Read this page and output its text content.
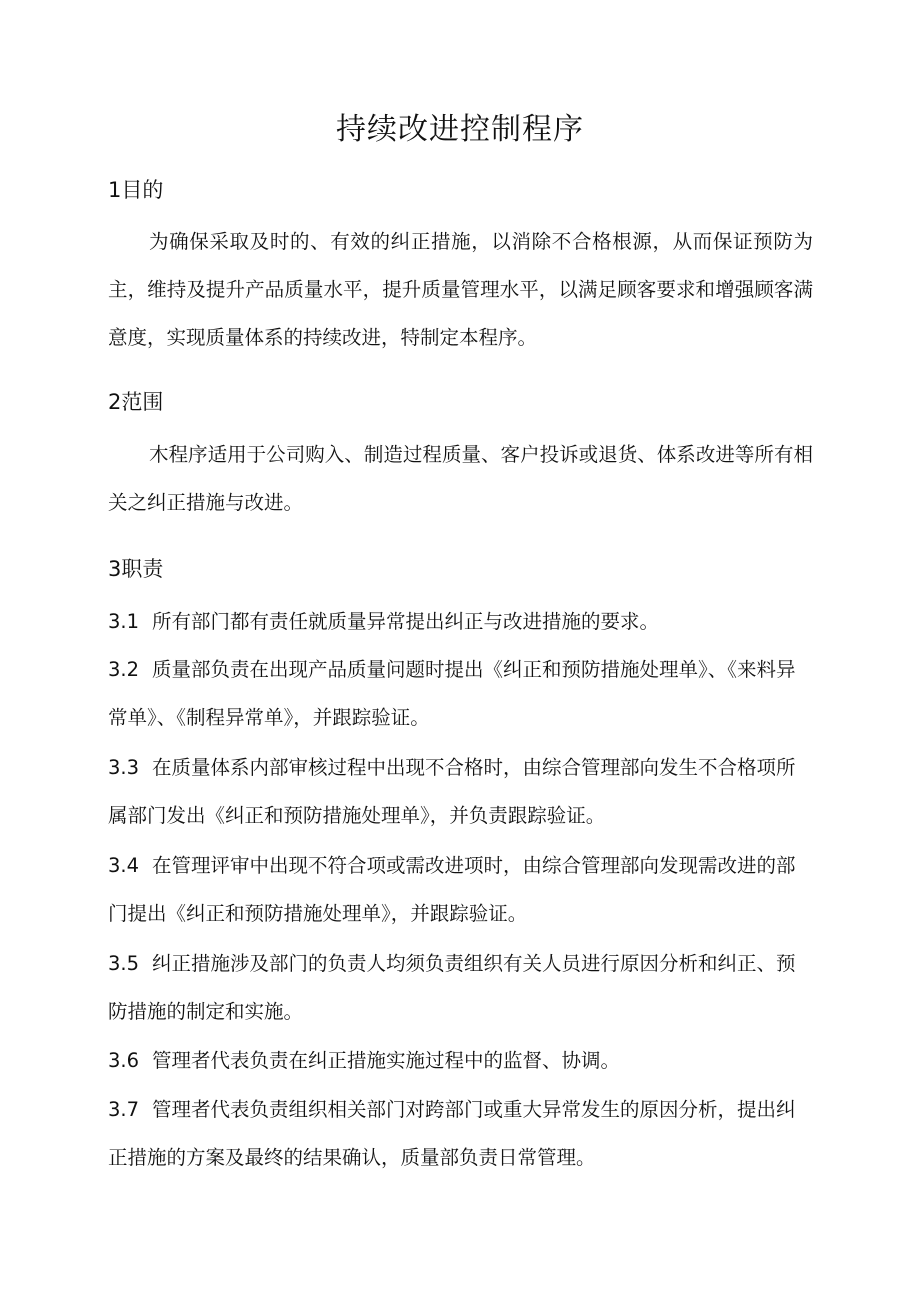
持续改进控制程序
1目的

为确保采取及时的、有效的纠正措施，以消除不合格根源，从而保证预防为主，维持及提升产品质量水平，提升质量管理水平，以满足顾客要求和增强顾客满意度，实现质量体系的持续改进，特制定本程序。

2范围

木程序适用于公司购入、制造过程质量、客户投诉或退货、体系改进等所有相关之纠正措施与改进。

3职责

3.1 所有部门都有责任就质量异常提出纠正与改进措施的要求。

3.2 质量部负责在出现产品质量问题时提出《纠正和预防措施处理单》、《来料异常单》、《制程异常单》，并跟踪验证。

3.3 在质量体系内部审核过程中出现不合格时，由综合管理部向发生不合格项所属部门发出《纠正和预防措施处理单》，并负责跟踪验证。

3.4 在管理评审中出现不符合项或需改进项时，由综合管理部向发现需改进的部门提出《纠正和预防措施处理单》，并跟踪验证。

3.5 纠正措施涉及部门的负责人均须负责组织有关人员进行原因分析和纠正、预防措施的制定和实施。

3.6 管理者代表负责在纠正措施实施过程中的监督、协调。

3.7 管理者代表负责组织相关部门对跨部门或重大异常发生的原因分析，提出纠正措施的方案及最终的结果确认，质量部负责日常管理。
